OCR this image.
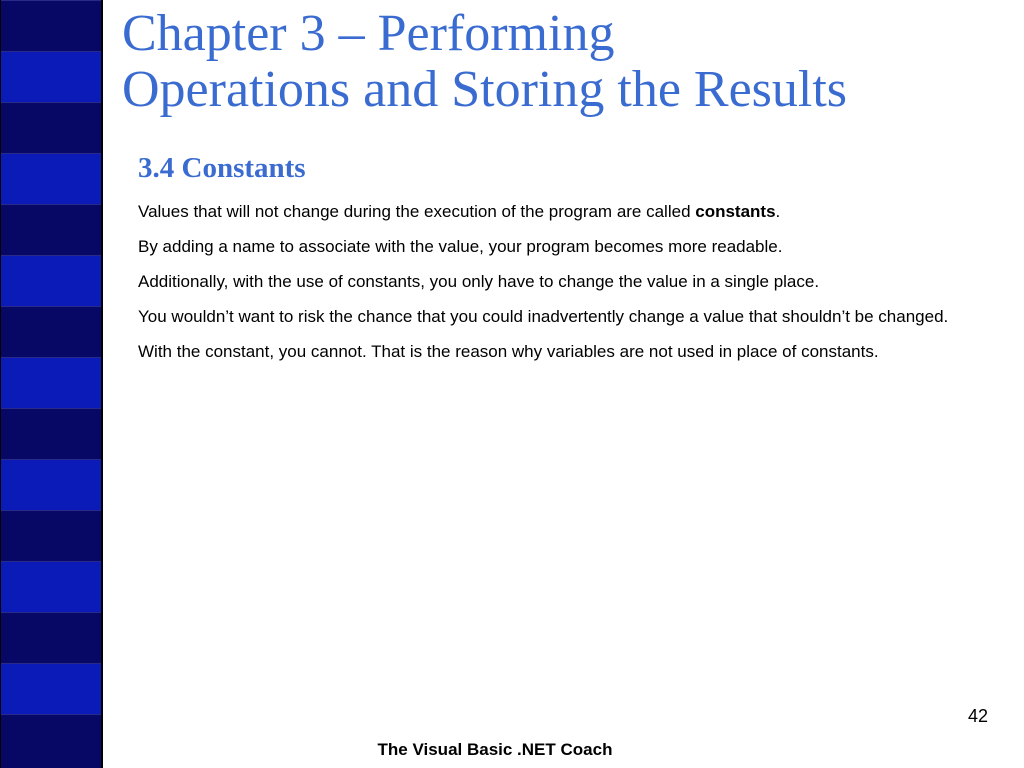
Chapter 3 – Performing
Operations and Storing the Results
3.4 Constants
Values that will not change during the execution of the program are called constants.
By adding a name to associate with the value, your program becomes more readable.
Additionally, with the use of constants, you only have to change the value in a single place.
You wouldn’t want to risk the chance that you could inadvertently change a value that shouldn’t be changed.
With the constant, you cannot. That is the reason why variables are not used in place of constants.
42
The Visual Basic .NET Coach
